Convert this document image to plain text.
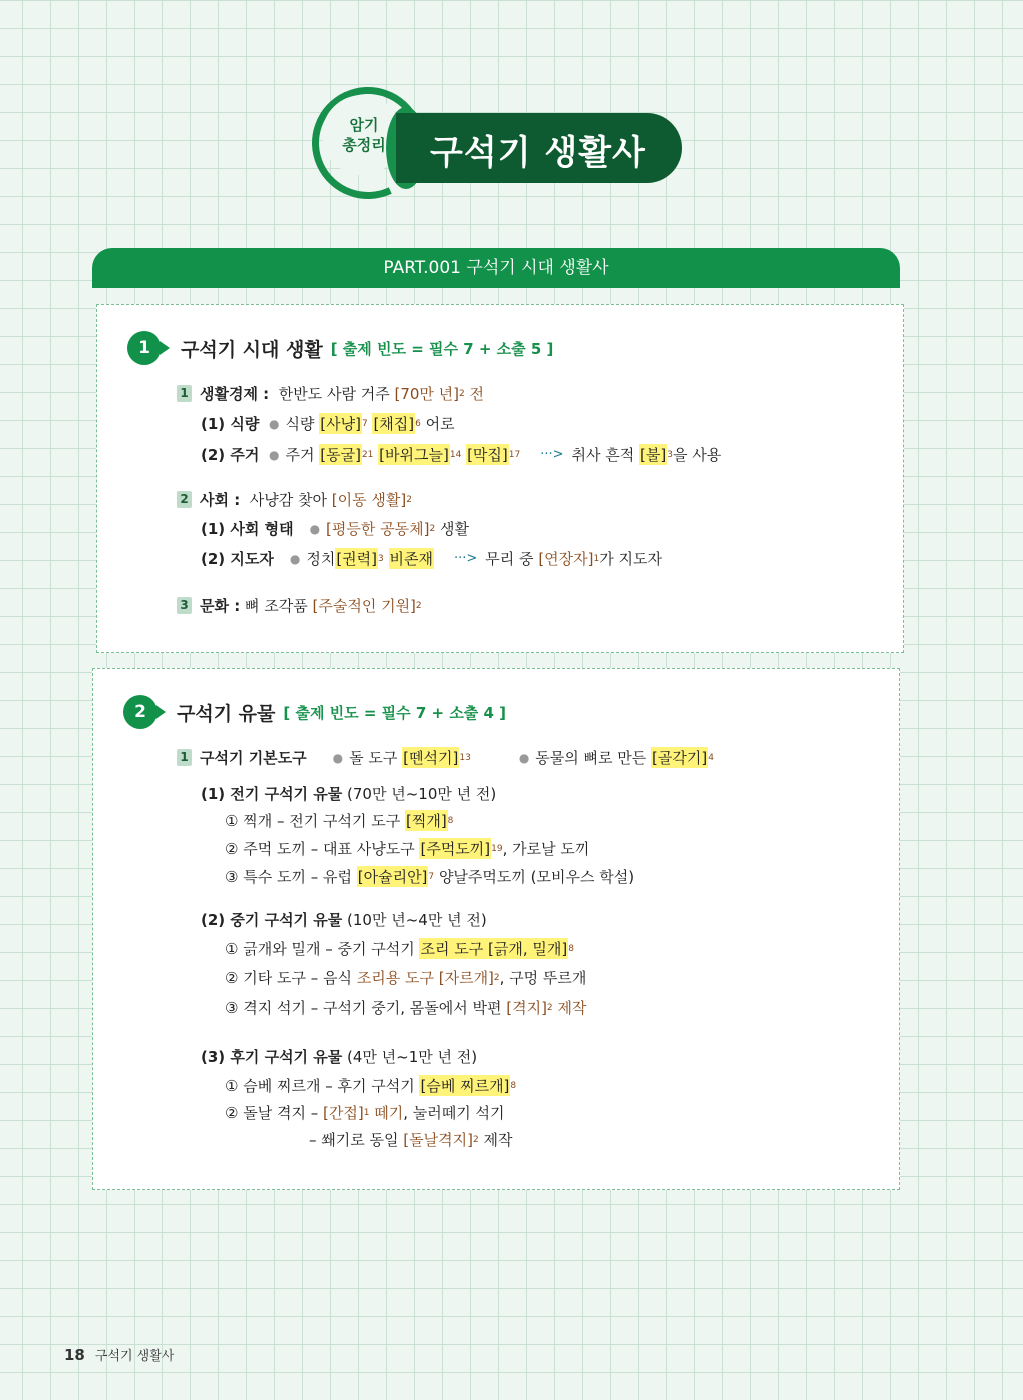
암기
총정리	구석기 생활사
PART.001 구석기 시대 생활사
1	구석기 시대 생활 [ 출제 빈도 = 필수 7 + 소출 5 ]
1 생활경제 :
한반도 사람 거주
[70만 년] 2
전
(1) 식량 ● 식량
[사냥] 7
[채집] 6
어로
(2) 주거 ● 주거
[동굴] 21
[바위그늘] 14
[막집] 17 ···> 취사 흔적
[불] 3 을 사용
2 사회 :
사냥감 찾아
[이동 생활] 2
(1) 사회 형태 ● [평등한 공동체] 2
생활
(2) 지도자 ● 정치 [권력] 3
비존재 ···> 무리 중
[연장자] 1 가 지도자
3 문화 :
뼈 조각품
[주술적인 기원] 2
2	구석기 유물 [ 출제 빈도 = 필수 7 + 소출 4 ]
1 구석기 기본도구 ● 돌 도구
[뗀석기] 13	● 동물의 뼈로 만든
[골각기] 4
(1) 전기 구석기 유물
(70만 년~10만 년 전)
① 찍개 – 전기 구석기 도구
[찍개] 8
② 주먹 도끼 – 대표 사냥도구
[주먹도끼] 19 , 가로날 도끼
③ 특수 도끼 – 유럽
[아슐리안] 7
양날주먹도끼 (모비우스 학설)
(2) 중기 구석기 유물
(10만 년~4만 년 전)
① 긁개와 밀개 – 중기 구석기
조리 도구 [긁개, 밀개] 8
② 기타 도구 – 음식
조리용 도구 [자르개] 2 , 구멍 뚜르개
③ 격지 석기 – 구석기 중기, 몸돌에서 박편
[격지] 2
제작
(3) 후기 구석기 유물
(4만 년~1만 년 전)
① 슴베 찌르개 – 후기 구석기
[슴베 찌르개] 8
② 돌날 격지 –
[간접] 1
떼기 , 눌러떼기 석기
– 쐐기로 동일
[돌날격지] 2
제작
18 구석기 생활사
